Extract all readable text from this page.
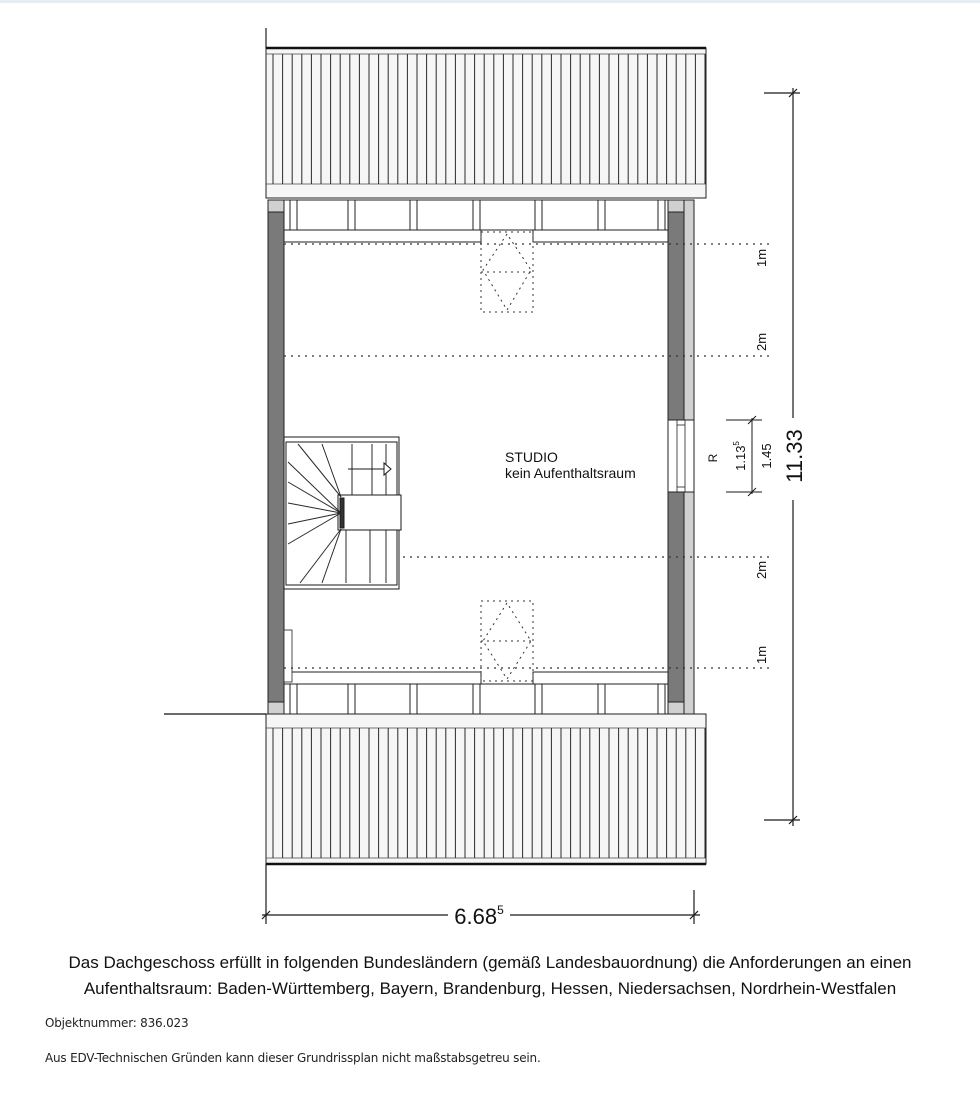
STUDIO
kein Aufenthaltsraum
1m
2m
2m
1m
R 1.13$^5$	1.45 11.33
6.68$^5$
Das Dachgeschoss erfüllt in folgenden Bundesländern (gemäß Landesbauordnung) die Anforderungen an einen
Aufenthaltsraum: Baden-Württemberg, Bayern, Brandenburg, Hessen, Niedersachsen, Nordrhein-Westfalen
Objektnummer: 836.023
Aus EDV-Technischen Gründen kann dieser Grundrissplan nicht maßstabsgetreu sein.
